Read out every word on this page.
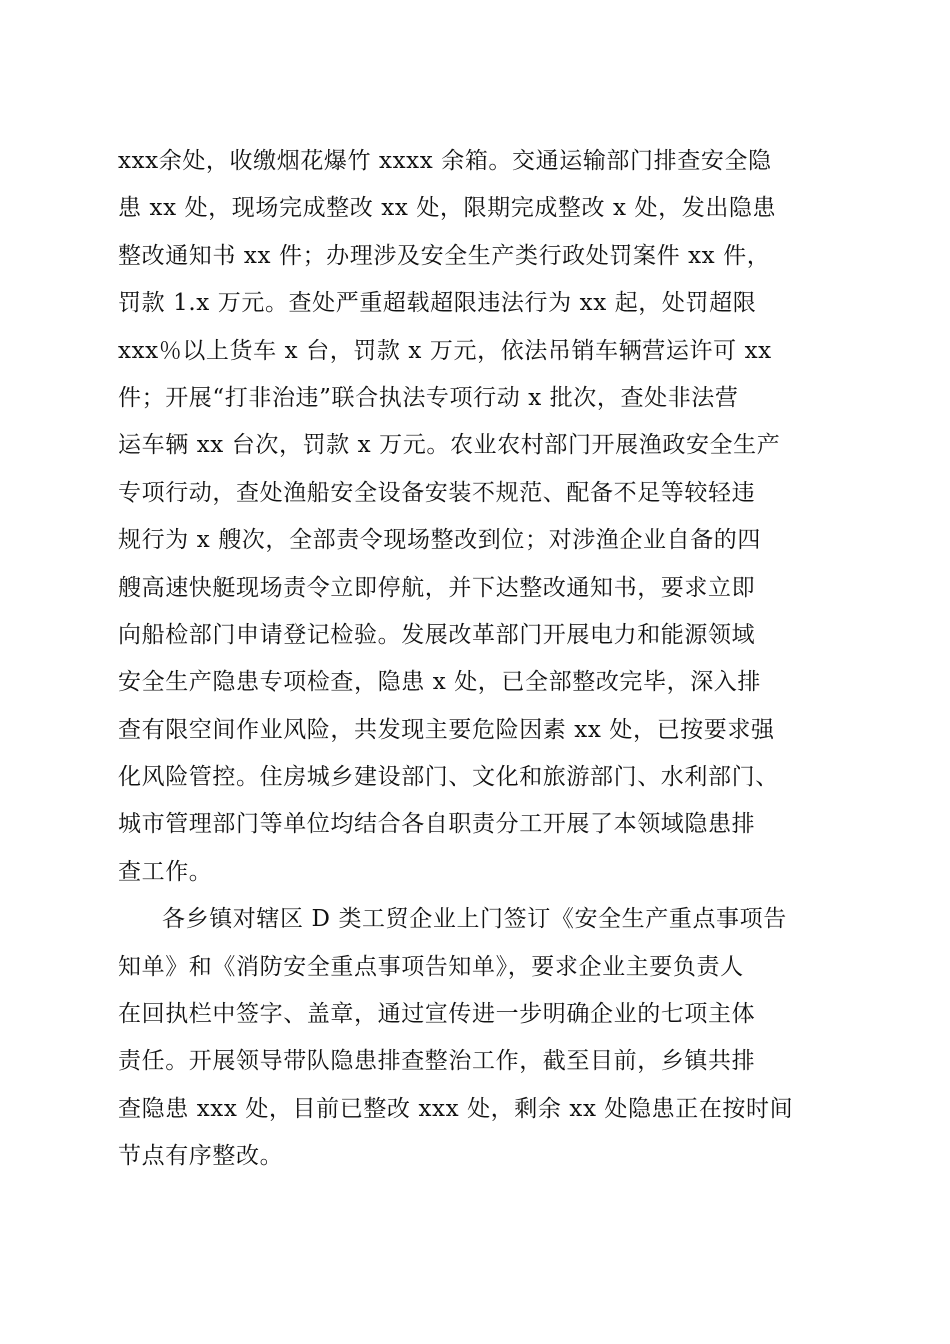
xxx余处，收缴烟花爆竹 xxxx 余箱。交通运输部门排查安全隐
患 xx 处，现场完成整改 xx 处，限期完成整改 x 处，发出隐患
整改通知书 xx 件；办理涉及安全生产类行政处罚案件 xx 件，
罚款 1.x 万元。查处严重超载超限违法行为 xx 起，处罚超限
xxx％以上货车 x 台，罚款 x 万元，依法吊销车辆营运许可 xx
件；开展“打非治违”联合执法专项行动 x 批次，查处非法营
运车辆 xx 台次，罚款 x 万元。农业农村部门开展渔政安全生产
专项行动，查处渔船安全设备安装不规范、配备不足等较轻违
规行为 x 艘次，全部责令现场整改到位；对涉渔企业自备的四
艘高速快艇现场责令立即停航，并下达整改通知书，要求立即
向船检部门申请登记检验。发展改革部门开展电力和能源领域
安全生产隐患专项检查，隐患 x 处，已全部整改完毕，深入排
查有限空间作业风险，共发现主要危险因素 xx 处，已按要求强
化风险管控。住房城乡建设部门、文化和旅游部门、水利部门、
城市管理部门等单位均结合各自职责分工开展了本领域隐患排
查工作。
各乡镇对辖区 D 类工贸企业上门签订《安全生产重点事项告
知单》和《消防安全重点事项告知单》，要求企业主要负责人
在回执栏中签字、盖章，通过宣传进一步明确企业的七项主体
责任。开展领导带队隐患排查整治工作，截至目前，乡镇共排
查隐患 xxx 处，目前已整改 xxx 处，剩余 xx 处隐患正在按时间
节点有序整改。
